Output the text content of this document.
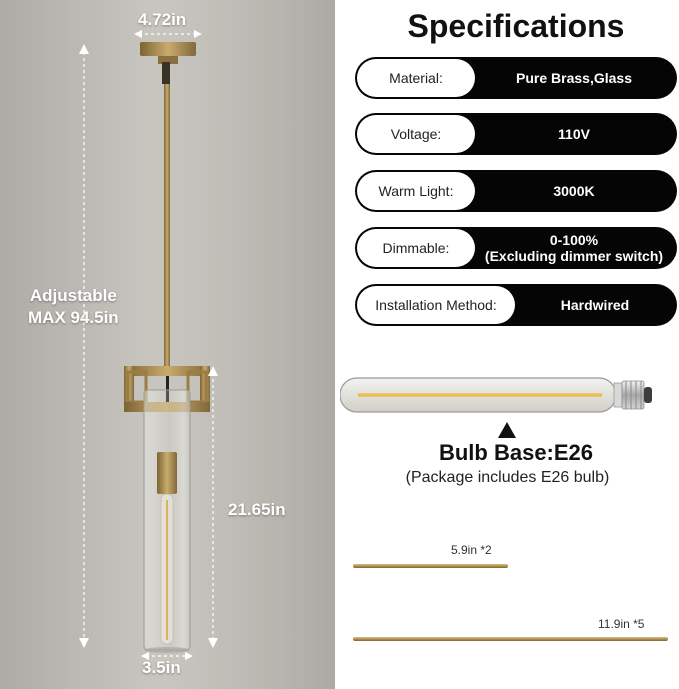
4.72in
Adjustable
MAX 94.5in
21.65in
3.5in
Specifications
Material:	Pure Brass,Glass
Voltage:	110V
Warm Light:	3000K
Dimmable:	0-100%
(Excluding dimmer switch)
Installation Method:	Hardwired
Bulb Base:E26
(Package includes E26 bulb)
5.9in *2
11.9in *5
